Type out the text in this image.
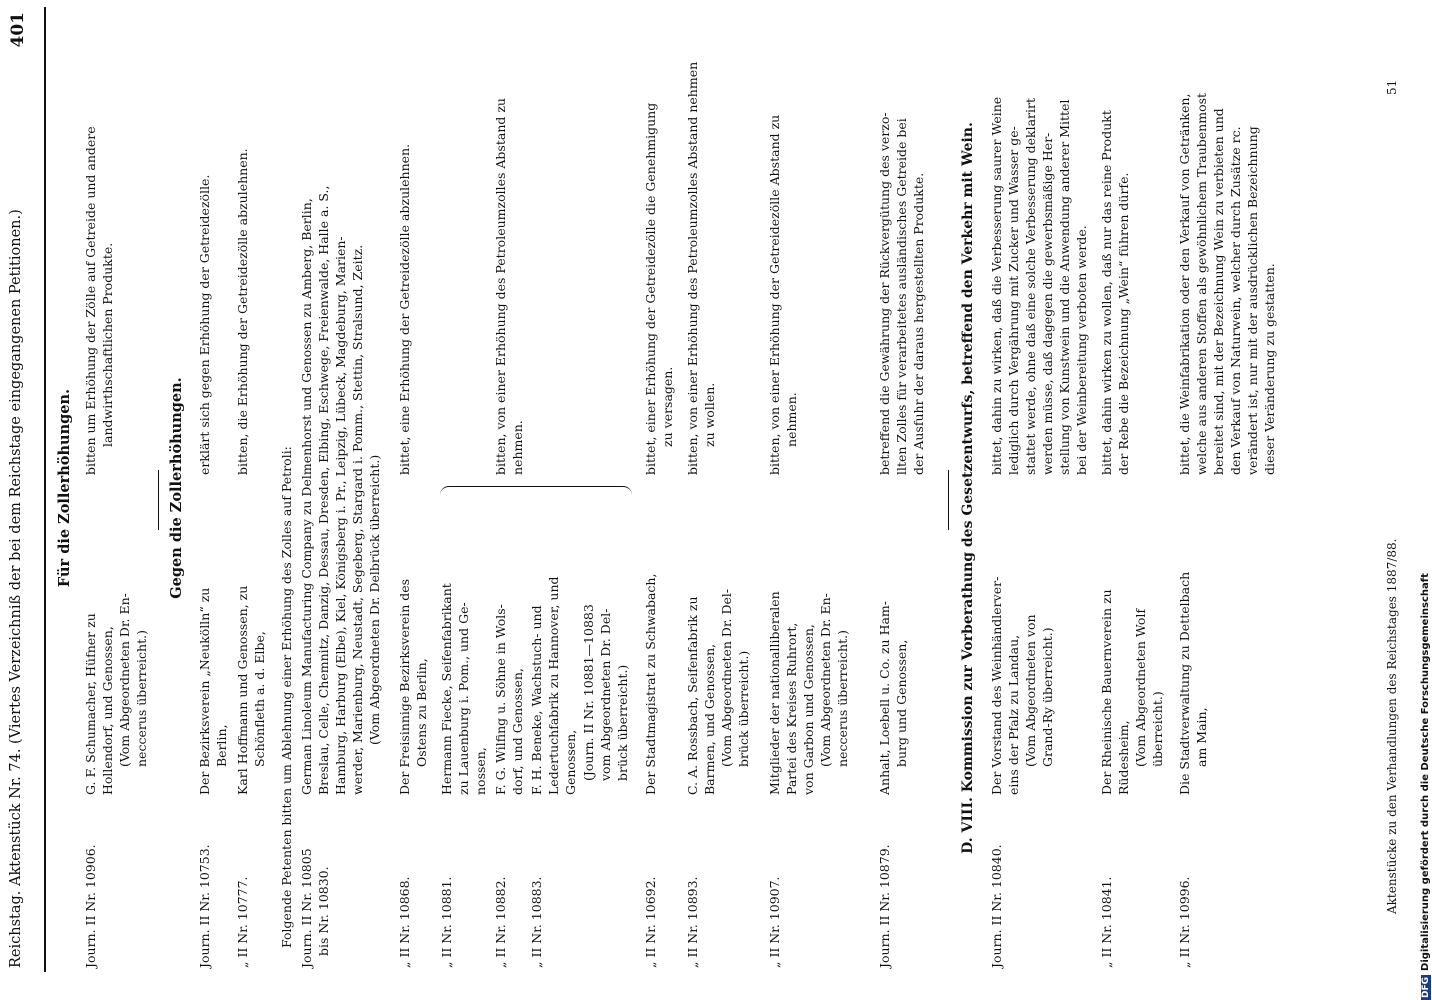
Reichstag. Aktenstück Nr. 74. (Viertes Verzeichniß der bei dem Reichstage eingegangenen Petitionen.)
401
Für die Zollerhöhungen.
Journ. II Nr. 10906.
G. F. Schumacher, Hüfner zu Hollendorf, und Genossen, (Vom Abgeordneten Dr. En- neccerus überreicht.)
bitten um Erhöhung der Zölle auf Getreide und andere landwirthschaftlichen Produkte.
Gegen die Zollerhöhungen.
Journ. II Nr. 10753.
Der Bezirksverein „Neukölln“ zu Berlin,
erklärt sich gegen Erhöhung der Getreidezölle.
„ II Nr. 10777.
Karl Hoffmann und Genossen, zu Schönfleth a. d. Elbe,
bitten, die Erhöhung der Getreidezölle abzulehnen.
Folgende Petenten bitten um Ablehnung einer Erhöhung des Zolles auf Petroli: Journ. II Nr. 10805 bis Nr. 10830.
German Linoleum Manufacturing Company zu Delmenhorst und Genossen zu Amberg, Berlin, Breslau, Celle, Chemnitz, Danzig, Dessau, Dresden, Elbing, Eschwege, Freienwalde, Halle a. S., Hamburg, Harburg (Elbe), Kiel, Königsberg i. Pr., Leipzig, Lübeck, Magdeburg, Marien- werder, Marienburg, Neustadt, Segeberg, Stargard i. Pomm., Stettin, Stralsund, Zeitz. (Vom Abgeordneten Dr. Delbrück überreicht.)
„ II Nr. 10868.
Der Freisinnige Bezirksverein des Ostens zu Berlin,
bittet, eine Erhöhung der Getreidezölle abzulehnen.
„ II Nr. 10881.
Hermann Fiecke, Seifenfabrikant zu Lauenburg i. Pom., und Ge- nossen,
„ II Nr. 10882.
F. G. Wilfing u. Söhne in Wols- dorf, und Genossen,
bitten, von einer Erhöhung des Petroleumzolles Abstand zu nehmen.
„ II Nr. 10883.
F. H. Beneke, Wachstuch- und Ledertuchfabrik zu Hannover, und Genossen, (Journ. II Nr. 10881—10883 vom Abgeordneten Dr. Del- brück überreicht.)
„ II Nr. 10692.
Der Stadtmagistrat zu Schwabach,
bittet, einer Erhöhung der Getreidezölle die Genehmigung zu versagen.
„ II Nr. 10893.
C. A. Rossbach, Seifenfabrik zu Barmen, und Genossen, (Vom Abgeordneten Dr. Del- brück überreicht.)
bitten, von einer Erhöhung des Petroleumzolles Abstand nehmen zu wollen.
„ II Nr. 10907.
Mitglieder der nationalliberalen Partei des Kreises Ruhrort, von Garbon und Genossen, (Vom Abgeordneten Dr. En- neccerus überreicht.)
bitten, von einer Erhöhung der Getreidezölle Abstand zu nehmen.
Journ. II Nr. 10879.
Anhalt, Loebell u. Co. zu Ham- burg und Genossen,
betreffend die Gewährung der Rückvergütung des verzo- llten Zolles für verarbeitetes ausländisches Getreide bei der Ausfuhr der daraus hergestellten Produkte. D. VIII. Kommission zur Vorberathung des Gesetzentwurfs, betreffend den Verkehr mit Wein.
Journ. II Nr. 10840.
Der Vorstand des Weinhändlerver- eins der Pfalz zu Landau, (Vom Abgeordneten von Grand-Ry überreicht.)
bittet, dahin zu wirken, daß die Verbesserung saurer Weine lediglich durch Vergährung mit Zucker und Wasser ge- stattet werde, ohne daß eine solche Verbesserung deklarirt werden müsse, daß dagegen die gewerbsmäßige Her- stellung von Kunstwein und die Anwendung anderer Mittel bei der Weinbereitung verboten werde.
„ II Nr. 10841.
Der Rheinische Bauernverein zu Rüdesheim, (Vom Abgeordneten Wolf überreicht.)
bittet, dahin wirken zu wollen, daß nur das reine Produkt der Rebe die Bezeichnung „Wein“ führen dürfe.
„ II Nr. 10996.
Die Stadtverwaltung zu Dettelbach am Main,
bittet, die Weinfabrikation oder den Verkauf von Getränken, welche aus anderen Stoffen als gewöhnlichem Traubenmost bereitet sind, mit der Bezeichnung Wein zu verbieten und den Verkauf von Naturwein, welcher durch Zusätze rc. verändert ist, nur mit der ausdrücklichen Bezeichnung dieser Veränderung zu gestatten.
Aktenstücke zu den Verhandlungen des Reichstages 1887/88.
51
DFGDigitalisierung gefördert durch die Deutsche Forschungsgemeinschaft
